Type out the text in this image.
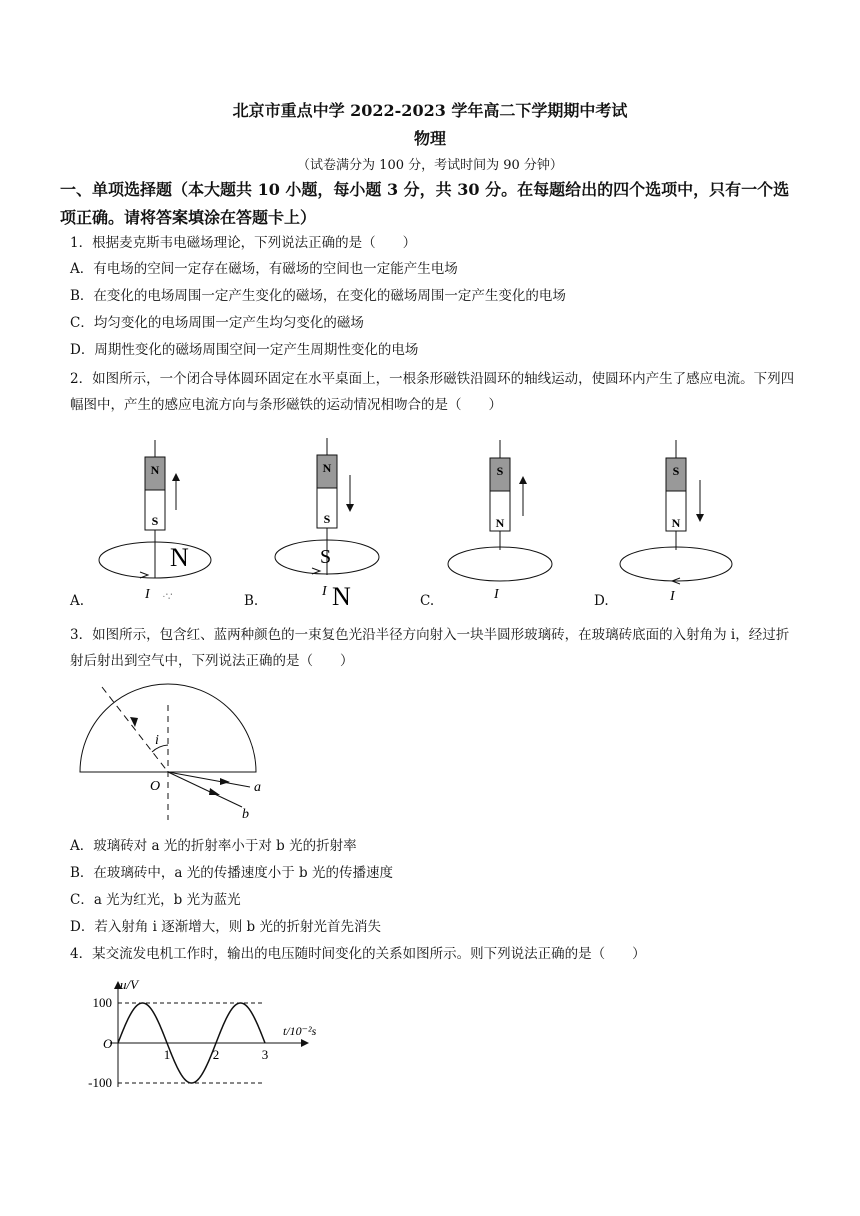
北京市重点中学 2022-2023 学年高二下学期期中考试
物理
（试卷满分为 100 分，考试时间为 90 分钟）
一、单项选择题（本大题共 10 小题，每小题 3 分，共 30 分。在每题给出的四个选项中，只有一个选项正确。请将答案填涂在答题卡上）
1．根据麦克斯韦电磁场理论，下列说法正确的是（　　）
A．有电场的空间一定存在磁场，有磁场的空间也一定能产生电场
B．在变化的电场周围一定产生变化的磁场，在变化的磁场周围一定产生变化的电场
C．均匀变化的电场周围一定产生均匀变化的磁场
D．周期性变化的磁场周围空间一定产生周期性变化的电场
2．如图所示，一个闭合导体圆环固定在水平桌面上，一根条形磁铁沿圆环的轴线运动，使圆环内产生了感应电流。下列四幅图中，产生的感应电流方向与条形磁铁的运动情况相吻合的是（　　）
N
S
N
I ·∵
N
S
S
I N
S
N
I
S
N
I
A.	B.	C.	D.
3．如图所示，包含红、蓝两种颜色的一束复色光沿半径方向射入一块半圆形玻璃砖，在玻璃砖底面的入射角为 i，经过折射后射出到空气中，下列说法正确的是（　　）
i
O	a
b
A．玻璃砖对 a 光的折射率小于对 b 光的折射率
B．在玻璃砖中，a 光的传播速度小于 b 光的传播速度
C．a 光为红光，b 光为蓝光
D．若入射角 i 逐渐增大，则 b 光的折射光首先消失
4．某交流发电机工作时，输出的电压随时间变化的关系如图所示。则下列说法正确的是（　　）
u/V
t/10⁻²s
O
100
-100
1	2	3
